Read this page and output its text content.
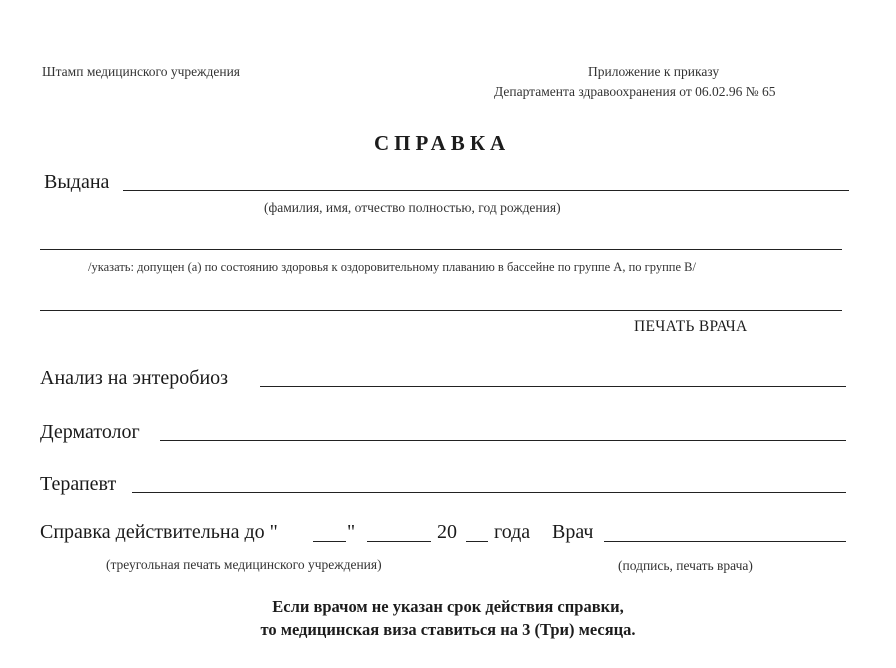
Штамп медицинского учреждения	Приложение к приказу
Департамента здравоохранения от 06.02.96 № 65
СПРАВКА
Выдана
(фамилия, имя, отчество полностью, год рождения)
/указать: допущен (а) по состоянию здоровья к оздоровительному плаванию в бассейне по группе А, по группе В/
ПЕЧАТЬ ВРАЧА
Анализ на энтеробиоз
Дерматолог
Терапевт
Справка действительна до "	"	20 года Врач
(треугольная печать медицинского учреждения)	(подпись, печать врача)
Если врачом не указан срок действия справки,
то медицинская виза ставиться на 3 (Три) месяца.
